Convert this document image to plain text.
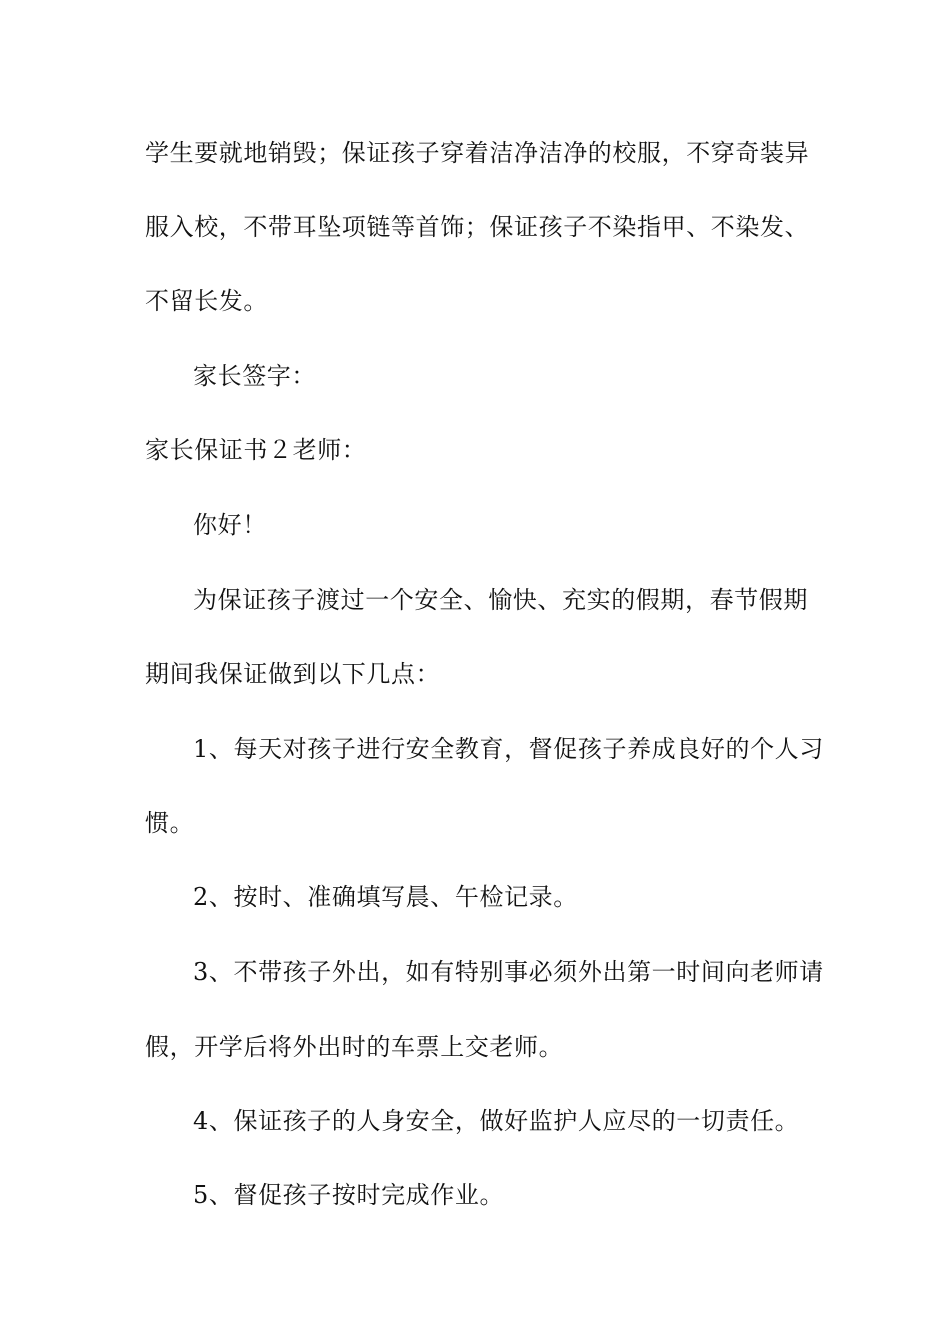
学生要就地销毁；保证孩子穿着洁净洁净的校服，不穿奇装异
服入校，不带耳坠项链等首饰；保证孩子不染指甲、不染发、
不留长发。
家长签字：
家长保证书２老师：
你好！
为保证孩子渡过一个安全、愉快、充实的假期，春节假期
期间我保证做到以下几点：
1、每天对孩子进行安全教育，督促孩子养成良好的个人习
惯。
2、按时、准确填写晨、午检记录。
3、不带孩子外出，如有特别事必须外出第一时间向老师请
假，开学后将外出时的车票上交老师。
4、保证孩子的人身安全，做好监护人应尽的一切责任。
5、督促孩子按时完成作业。
